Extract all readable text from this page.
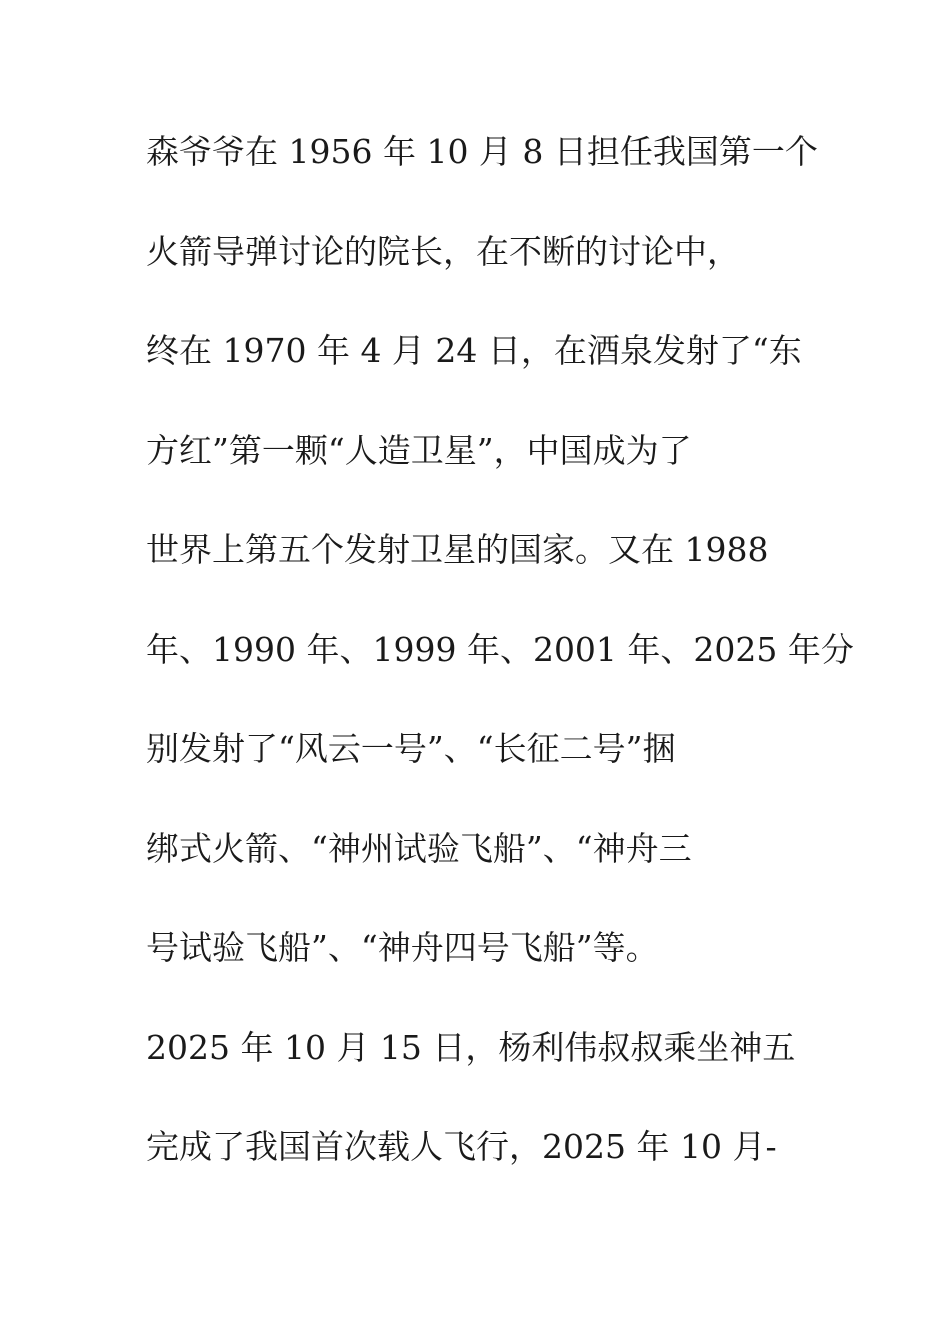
森爷爷在 1956 年 10 月 8 日担任我国第一个
火箭导弹讨论的院长，在不断的讨论中，
终在 1970 年 4 月 24 日，在酒泉发射了“东
方红”第一颗“人造卫星”，中国成为了
世界上第五个发射卫星的国家。又在 1988
年、1990 年、1999 年、2001 年、2025 年分
别发射了“风云一号”、“长征二号”捆
绑式火箭、“神州试验飞船”、“神舟三
号试验飞船”、“神舟四号飞船”等。
2025 年 10 月 15 日，杨利伟叔叔乘坐神五
完成了我国首次载人飞行，2025 年 10 月-
